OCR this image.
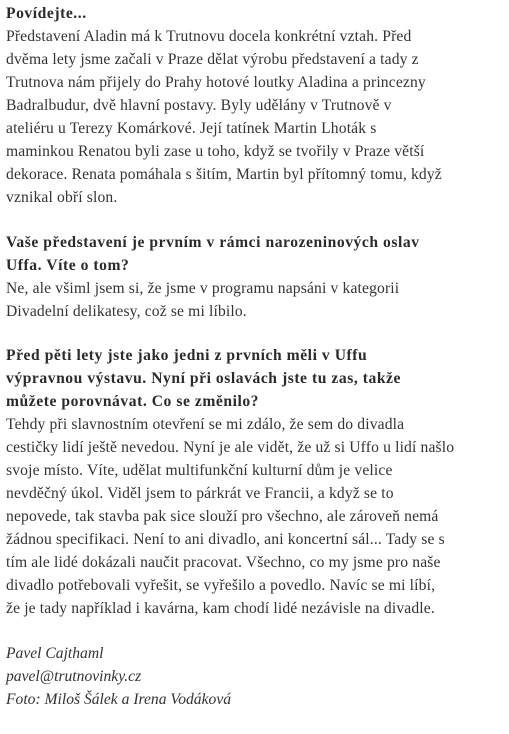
Povídejte...

Představení Aladin má k Trutnovu docela konkrétní vztah. Před
dvěma lety jsme začali v Praze dělat výrobu představení a tady z
Trutnova nám přijely do Prahy hotové loutky Aladina a princezny
Badralbudur, dvě hlavní postavy. Byly udělány v Trutnově v
ateliéru u Terezy Komárkové. Její tatínek Martin Lhoták s
maminkou Renatou byli zase u toho, když se tvořily v Praze větší
dekorace. Renata pomáhala s šitím, Martin byl přítomný tomu, když
vznikal obří slon.
Vaše představení je prvním v rámci narozeninových oslav
Uffa. Víte o tom?
Ne, ale všiml jsem si, že jsme v programu napsáni v kategorii
Divadelní delikatesy, což se mi líbilo.
Před pěti lety jste jako jedni z prvních měli v Uffu
výpravnou výstavu. Nyní při oslavách jste tu zas, takže
můžete porovnávat. Co se změnilo?
Tehdy při slavnostním otevření se mi zdálo, že sem do divadla
cestičky lidí ještě nevedou. Nyní je ale vidět, že už si Uffo u lidí našlo
svoje místo. Víte, udělat multifunkční kulturní dům je velice
nevděčný úkol. Viděl jsem to párkrát ve Francii, a když se to
nepovede, tak stavba pak sice slouží pro všechno, ale zároveň nemá
žádnou specifikaci. Není to ani divadlo, ani koncertní sál... Tady se s
tím ale lidé dokázali naučit pracovat. Všechno, co my jsme pro naše
divadlo potřebovali vyřešit, se vyřešilo a povedlo. Navíc se mi líbí,
že je tady například i kavárna, kam chodí lidé nezávisle na divadle.
Pavel Cajthaml
pavel@trutnovinky.cz
Foto: Miloš Šálek a Irena Vodáková
